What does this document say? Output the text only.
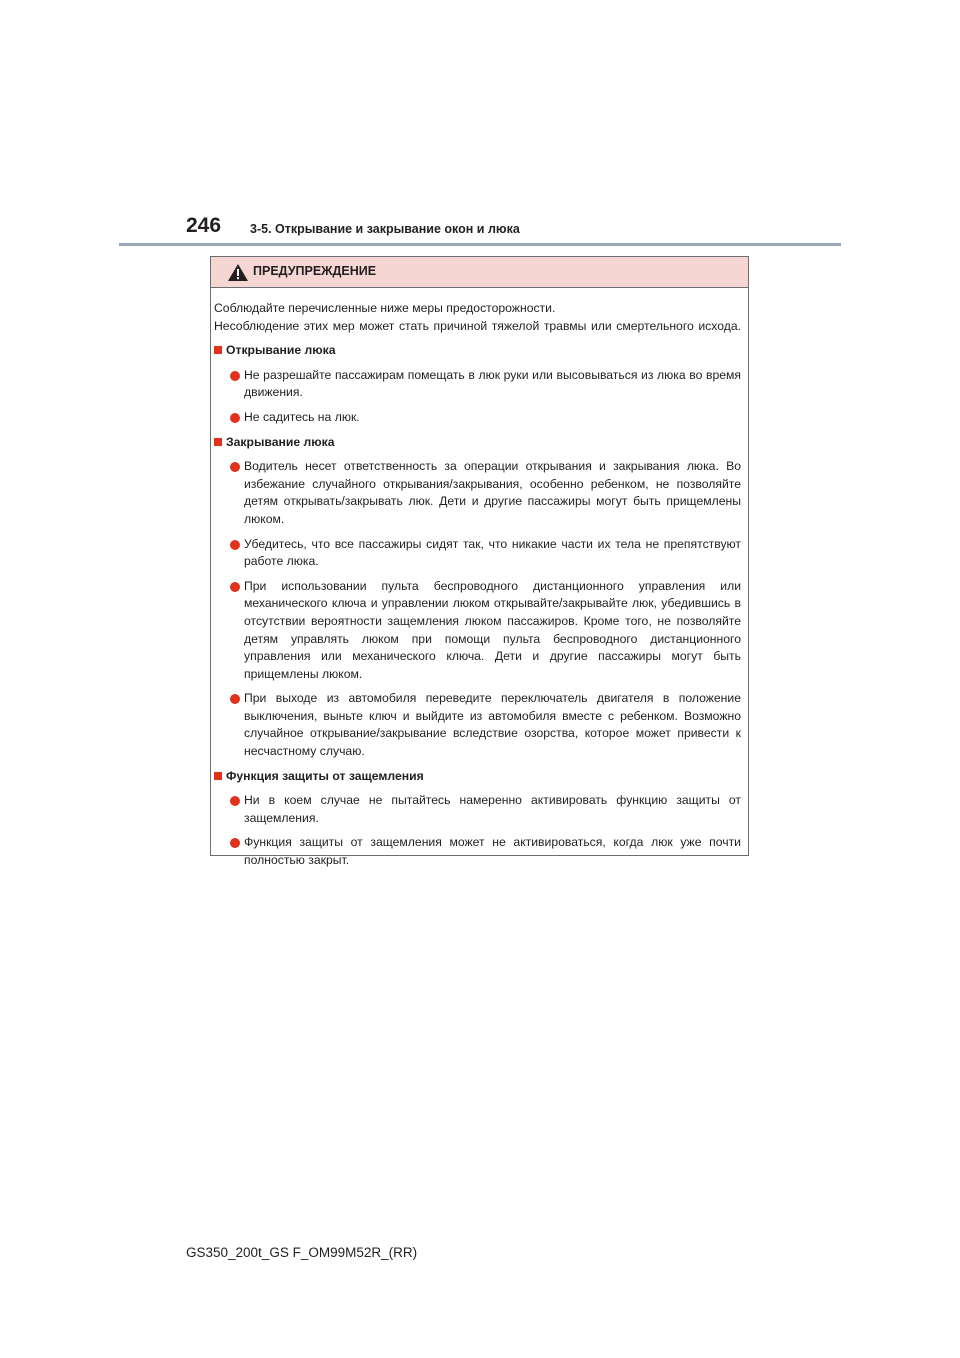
246 3-5. Открывание и закрывание окон и люка
ПРЕДУПРЕЖДЕНИЕ

Соблюдайте перечисленные ниже меры предосторожности.

Несоблюдение этих мер может стать причиной тяжелой травмы или смертельного исхода.

Открывание люка
Не разрешайте пассажирам помещать в люк руки или высовываться из люка во время движения.
Не садитесь на люк.
Закрывание люка
Водитель несет ответственность за операции открывания и закрывания люка. Во избежание случайного открывания/закрывания, особенно ребенком, не позволяйте детям открывать/закрывать люк. Дети и другие пассажиры могут быть прищемлены люком.
Убедитесь, что все пассажиры сидят так, что никакие части их тела не препятствуют работе люка.
При использовании пульта беспроводного дистанционного управления или механического ключа и управлении люком открывайте/закрывайте люк, убедившись в отсутствии вероятности защемления люком пассажиров. Кроме того, не позволяйте детям управлять люком при помощи пульта беспроводного дистанционного управления или механического ключа. Дети и другие пассажиры могут быть прищемлены люком.
При выходе из автомобиля переведите переключатель двигателя в положение выключения, выньте ключ и выйдите из автомобиля вместе с ребенком. Возможно случайное открывание/закрывание вследствие озорства, которое может привести к несчастному случаю.
Функция защиты от защемления
Ни в коем случае не пытайтесь намеренно активировать функцию защиты от защемления.
Функция защиты от защемления может не активироваться, когда люк уже почти полностью закрыт.
GS350_200t_GS F_OM99M52R_(RR)
